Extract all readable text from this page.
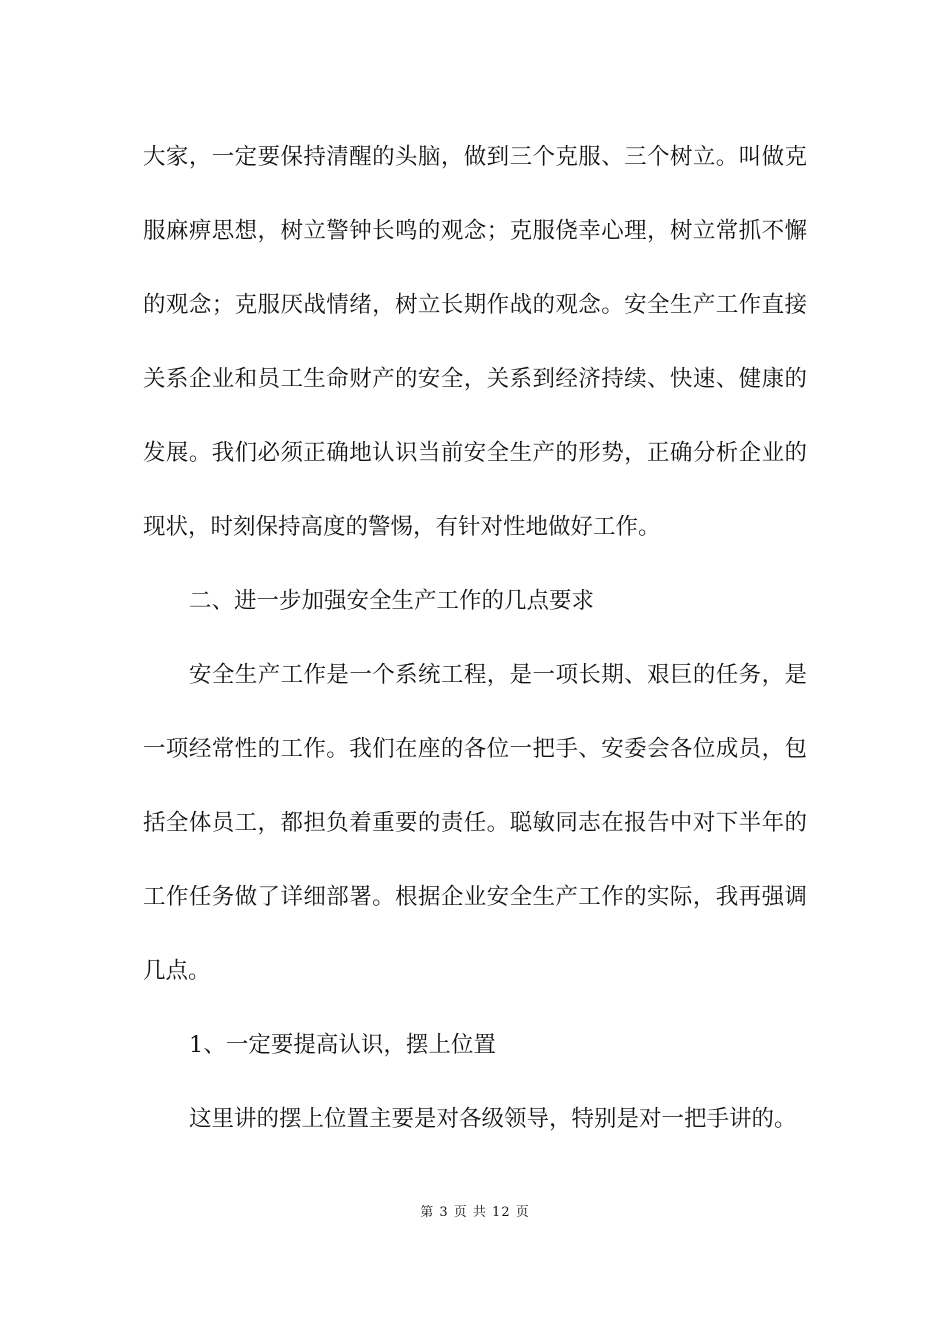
大家，一定要保持清醒的头脑，做到三个克服、三个树立。叫做克
服麻痹思想，树立警钟长鸣的观念；克服侥幸心理，树立常抓不懈
的观念；克服厌战情绪，树立长期作战的观念。安全生产工作直接
关系企业和员工生命财产的安全，关系到经济持续、快速、健康的
发展。我们必须正确地认识当前安全生产的形势，正确分析企业的
现状，时刻保持高度的警惕，有针对性地做好工作。
二、进一步加强安全生产工作的几点要求
安全生产工作是一个系统工程，是一项长期、艰巨的任务，是
一项经常性的工作。我们在座的各位一把手、安委会各位成员，包
括全体员工，都担负着重要的责任。聪敏同志在报告中对下半年的
工作任务做了详细部署。根据企业安全生产工作的实际，我再强调
几点。
1、一定要提高认识，摆上位置
这里讲的摆上位置主要是对各级领导，特别是对一把手讲的。
第 3 页 共 12 页
